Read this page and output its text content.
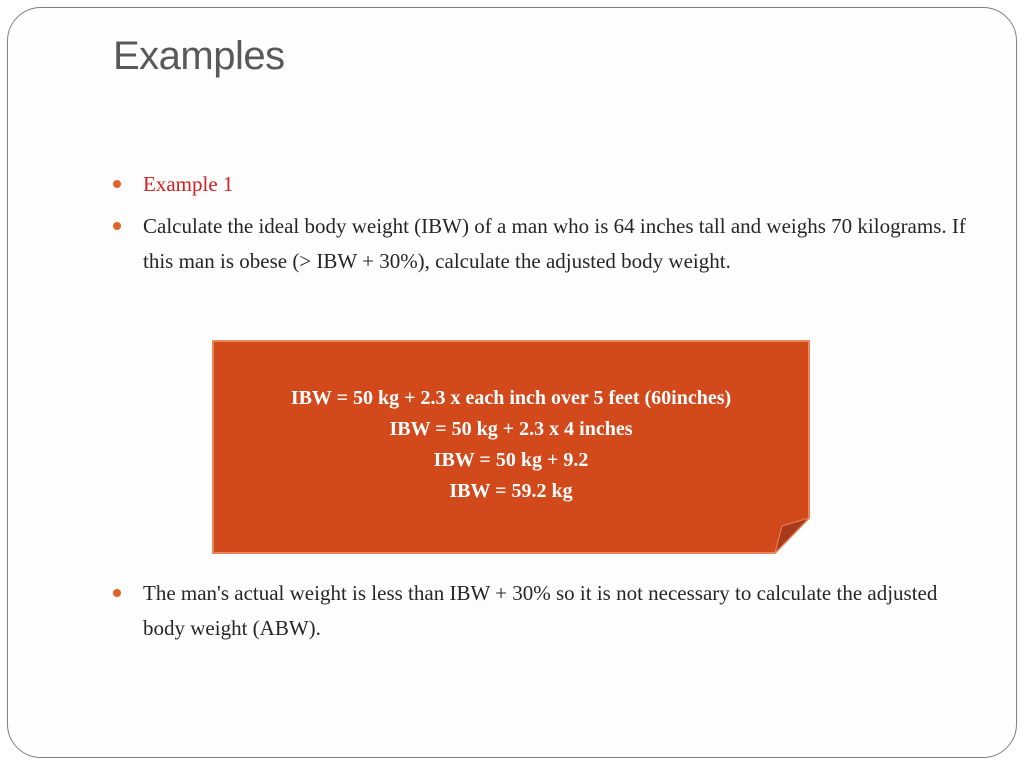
Examples
Example 1
Calculate the ideal body weight (IBW) of a man who is 64 inches tall and weighs 70 kilograms. If this man is obese (> IBW + 30%), calculate the adjusted body weight.
IBW = 50 kg + 2.3 x each inch over 5 feet (60inches)
IBW = 50 kg + 2.3 x 4 inches
IBW = 50 kg + 9.2
IBW = 59.2 kg
The man's actual weight is less than IBW + 30% so it is not necessary to calculate the adjusted body weight (ABW).
